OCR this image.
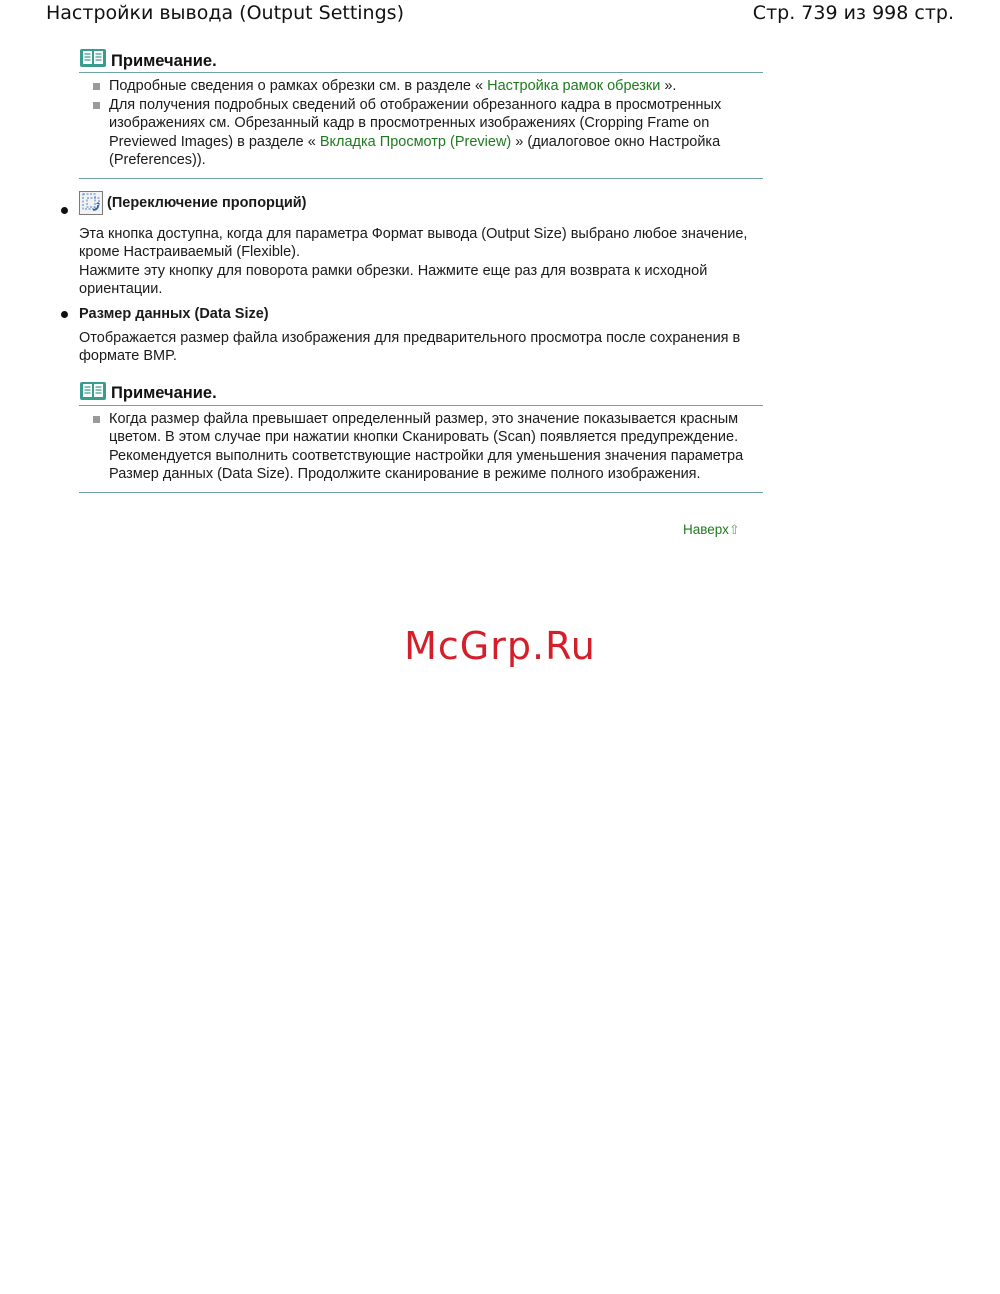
Настройки вывода (Output Settings)	Стр. 739 из 998 стр.
Примечание.
Подробные сведения о рамках обрезки см. в разделе « Настройка рамок обрезки ».
Для получения подробных сведений об отображении обрезанного кадра в просмотренных изображениях см. Обрезанный кадр в просмотренных изображениях (Cropping Frame on Previewed Images) в разделе « Вкладка Просмотр (Preview) » (диалоговое окно Настройка (Preferences)).
(Переключение пропорций)
Эта кнопка доступна, когда для параметра Формат вывода (Output Size) выбрано любое значение, кроме Настраиваемый (Flexible).
Нажмите эту кнопку для поворота рамки обрезки. Нажмите еще раз для возврата к исходной ориентации.
Размер данных (Data Size)
Отображается размер файла изображения для предварительного просмотра после сохранения в формате BMP.
Примечание.
Когда размер файла превышает определенный размер, это значение показывается красным цветом. В этом случае при нажатии кнопки Сканировать (Scan) появляется предупреждение. Рекомендуется выполнить соответствующие настройки для уменьшения значения параметра Размер данных (Data Size). Продолжите сканирование в режиме полного изображения.
Наверх⇧
McGrp.Ru
